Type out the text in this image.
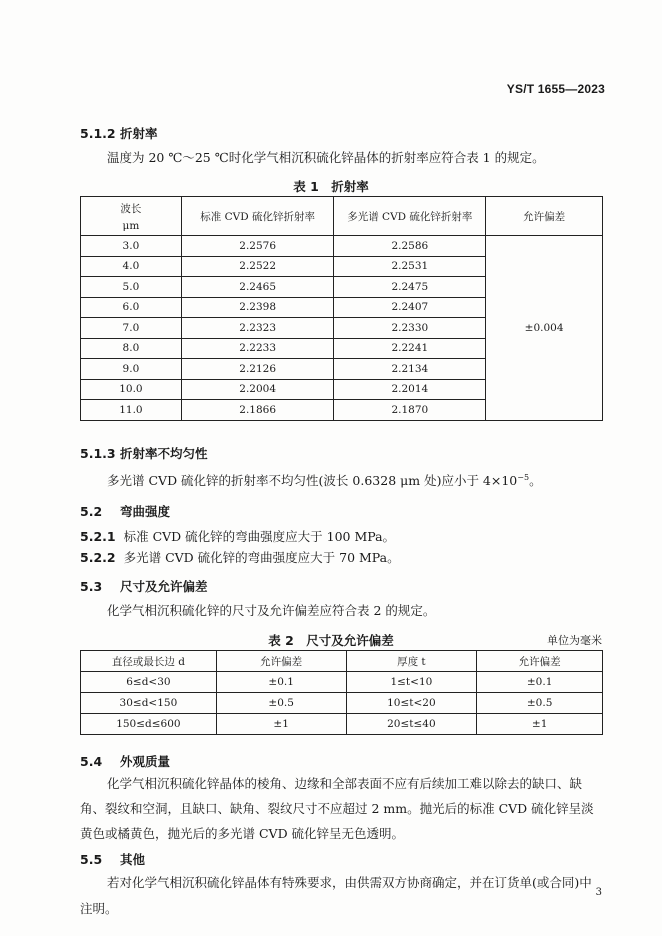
YS/T 1655—2023
5.1.2 折射率
温度为 20 ℃～25 ℃时化学气相沉积硫化锌晶体的折射率应符合表 1 的规定。
表 1　折射率
波长
μm	标准 CVD 硫化锌折射率	多光谱 CVD 硫化锌折射率	允许偏差
3.0	2.2576	2.2586	±0.004
4.0	2.2522	2.2531	
5.0	2.2465	2.2475	
6.0	2.2398	2.2407	
7.0	2.2323	2.2330	
8.0	2.2233	2.2241	
9.0	2.2126	2.2134	
10.0	2.2004	2.2014	
11.0	2.1866	2.1870	
5.1.3 折射率不均匀性
多光谱 CVD 硫化锌的折射率不均匀性(波长 0.6328 μm 处)应小于 $4\times 10^{-5}$。
5.2 弯曲强度
5.2.1 标准 CVD 硫化锌的弯曲强度应大于 100 MPa。
5.2.2 多光谱 CVD 硫化锌的弯曲强度应大于 70 MPa。
5.3 尺寸及允许偏差
化学气相沉积硫化锌的尺寸及允许偏差应符合表 2 的规定。
表 2　尺寸及允许偏差	单位为毫米
直径或最长边 d	允许偏差	厚度 t	允许偏差
6≤d<30	±0.1	1≤t<10	±0.1
30≤d<150	±0.5	10≤t<20	±0.5
150≤d≤600	±1	20≤t≤40	±1
5.4 外观质量
化学气相沉积硫化锌晶体的棱角、边缘和全部表面不应有后续加工难以除去的缺口、缺角、裂纹和空洞，且缺口、缺角、裂纹尺寸不应超过 2 mm。抛光后的标准 CVD 硫化锌呈淡黄色或橘黄色，抛光后的多光谱 CVD 硫化锌呈无色透明。
5.5 其他
若对化学气相沉积硫化锌晶体有特殊要求，由供需双方协商确定，并在订货单(或合同)中注明。
3
